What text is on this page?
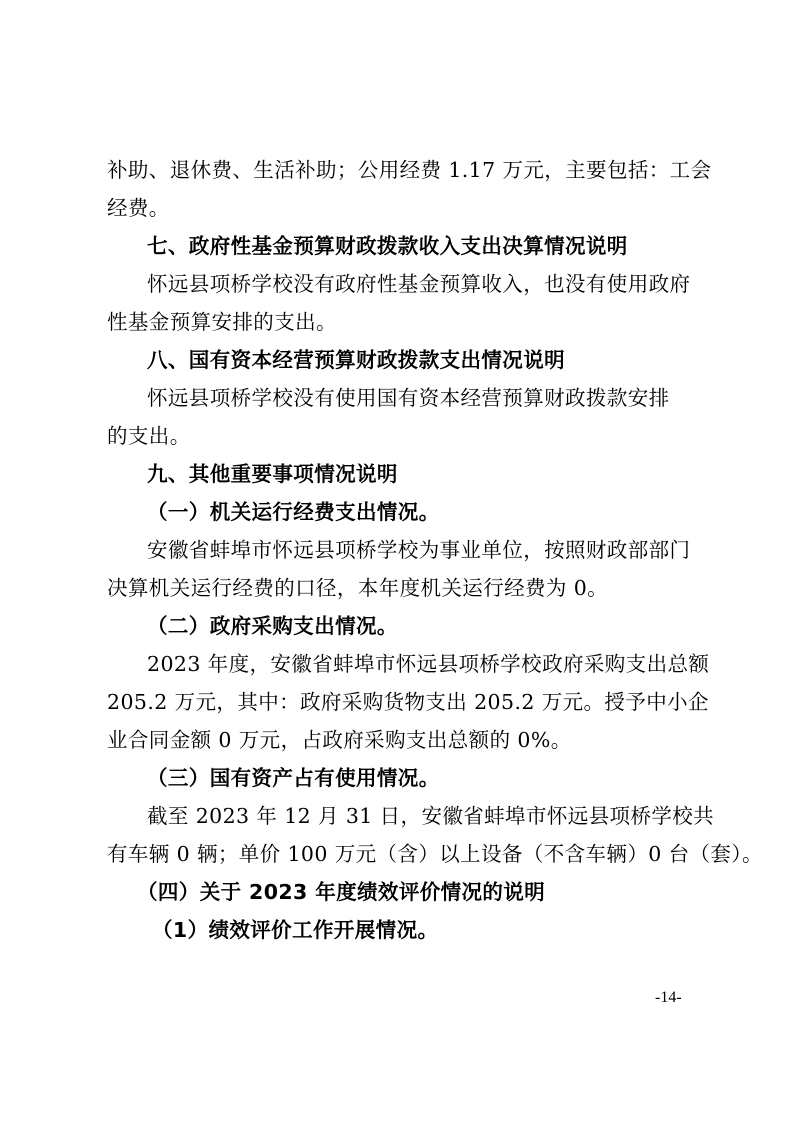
补助、退休费、生活补助；公用经费 1.17 万元，主要包括：工会
经费。
七、政府性基金预算财政拨款收入支出决算情况说明
怀远县项桥学校没有政府性基金预算收入，也没有使用政府
性基金预算安排的支出。
八、国有资本经营预算财政拨款支出情况说明
怀远县项桥学校没有使用国有资本经营预算财政拨款安排
的支出。
九、其他重要事项情况说明
（一）机关运行经费支出情况。
安徽省蚌埠市怀远县项桥学校为事业单位，按照财政部部门
决算机关运行经费的口径，本年度机关运行经费为 0。
（二）政府采购支出情况。
2023 年度，安徽省蚌埠市怀远县项桥学校政府采购支出总额
205.2 万元，其中：政府采购货物支出 205.2 万元。授予中小企
业合同金额 0 万元，占政府采购支出总额的 0%。
（三）国有资产占有使用情况。
截至 2023 年 12 月 31 日，安徽省蚌埠市怀远县项桥学校共
有车辆 0 辆；单价 100 万元（含）以上设备（不含车辆）0 台（套）。
（四）关于 2023 年度绩效评价情况的说明
（1）绩效评价工作开展情况。
-14-
